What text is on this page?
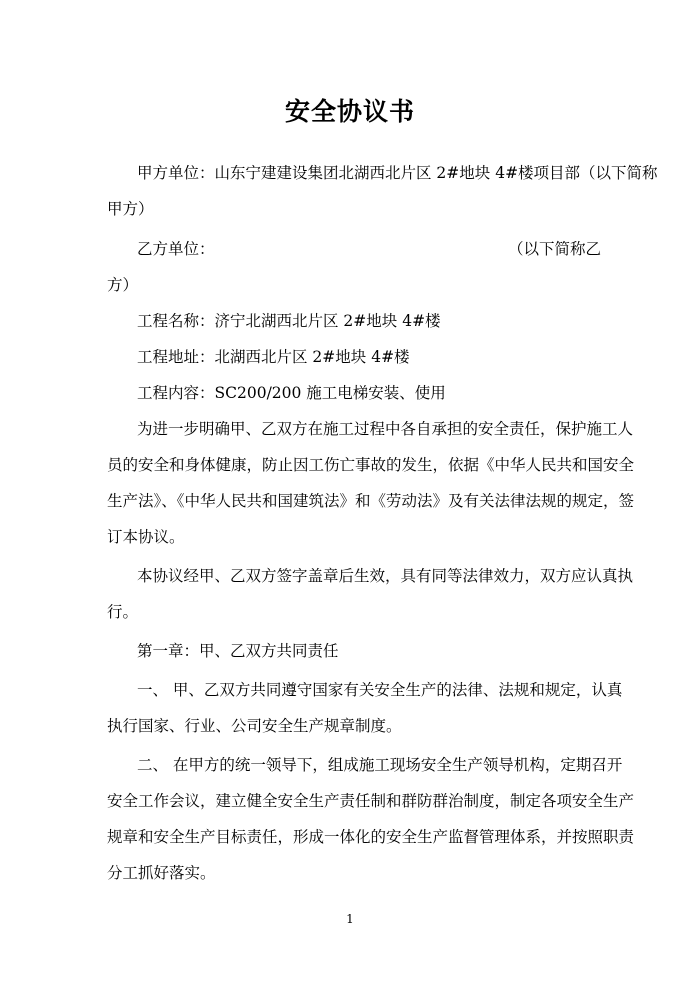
安全协议书
甲方单位：山东宁建建设集团北湖西北片区 2#地块 4#楼项目部（以下简称
甲方）
乙方单位：	（以下简称乙
方）
工程名称：济宁北湖西北片区 2#地块 4#楼
工程地址：北湖西北片区 2#地块 4#楼
工程内容：SC200/200 施工电梯安装、使用
为进一步明确甲、乙双方在施工过程中各自承担的安全责任，保护施工人
员的安全和身体健康，防止因工伤亡事故的发生，依据《中华人民共和国安全
生产法》、《中华人民共和国建筑法》和《劳动法》及有关法律法规的规定，签
订本协议。
本协议经甲、乙双方签字盖章后生效，具有同等法律效力，双方应认真执
行。
第一章：甲、乙双方共同责任
一、 甲、乙双方共同遵守国家有关安全生产的法律、法规和规定，认真
执行国家、行业、公司安全生产规章制度。
二、 在甲方的统一领导下，组成施工现场安全生产领导机构，定期召开
安全工作会议，建立健全安全生产责任制和群防群治制度，制定各项安全生产
规章和安全生产目标责任，形成一体化的安全生产监督管理体系，并按照职责
分工抓好落实。
1
